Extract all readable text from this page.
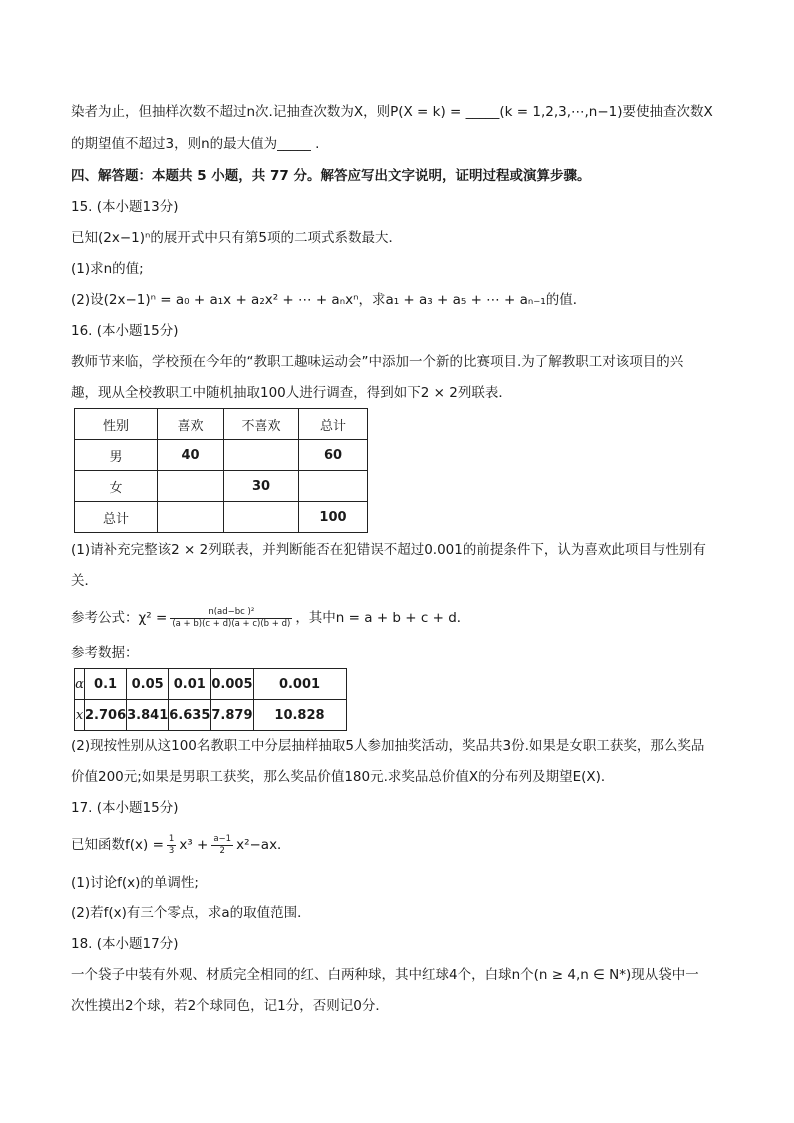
染者为止，但抽样次数不超过n次.记抽查次数为X，则P(X = k) = _____(k = 1,2,3,⋯,n−1)要使抽查次数X
的期望值不超过3，则n的最大值为_____ .
四、解答题：本题共 5 小题，共 77 分。解答应写出文字说明，证明过程或演算步骤。
15. (本小题13分)
已知(2x−1)ⁿ的展开式中只有第5项的二项式系数最大．
(1)求n的值;
(2)设(2x−1)ⁿ = a₀ + a₁x + a₂x² + ⋯ + aₙxⁿ，求a₁ + a₃ + a₅ + ⋯ + aₙ₋₁的值．
16. (本小题15分)
教师节来临，学校预在今年的“教职工趣味运动会”中添加一个新的比赛项目.为了解教职工对该项目的兴
趣，现从全校教职工中随机抽取100人进行调查，得到如下2 × 2列联表．
性别	喜欢	不喜欢	总计
男	40		60
女		30	
总计			100
(1)请补充完整该2 × 2列联表，并判断能否在犯错误不超过0.001的前提条件下，认为喜欢此项目与性别有
关．
参考公式：$\chi^2 = \frac{\text{n(ad−bc )²}}{(a + b)(c + d)(a + c)(b + d)}$ ，其中n = a + b + c + d．
参考数据：
α	0.1	0.05	0.01	0.005	0.001
x	2.706	3.841	6.635	7.879	10.828
(2)现按性别从这100名教职工中分层抽样抽取5人参加抽奖活动，奖品共3份.如果是女职工获奖，那么奖品
价值200元;如果是男职工获奖，那么奖品价值180元.求奖品总价值X的分布列及期望E(X)．
17. (本小题15分)
已知函数$f(x) = \frac{1}{3} x^3 + \frac{a-1}{2} x^2-ax$．
(1)讨论f(x)的单调性;
(2)若f(x)有三个零点，求a的取值范围．
18. (本小题17分)
一个袋子中装有外观、材质完全相同的红、白两种球，其中红球4个，白球n个(n ≥ 4,n ∈ N*)现从袋中一
次性摸出2个球，若2个球同色，记1分，否则记0分．
